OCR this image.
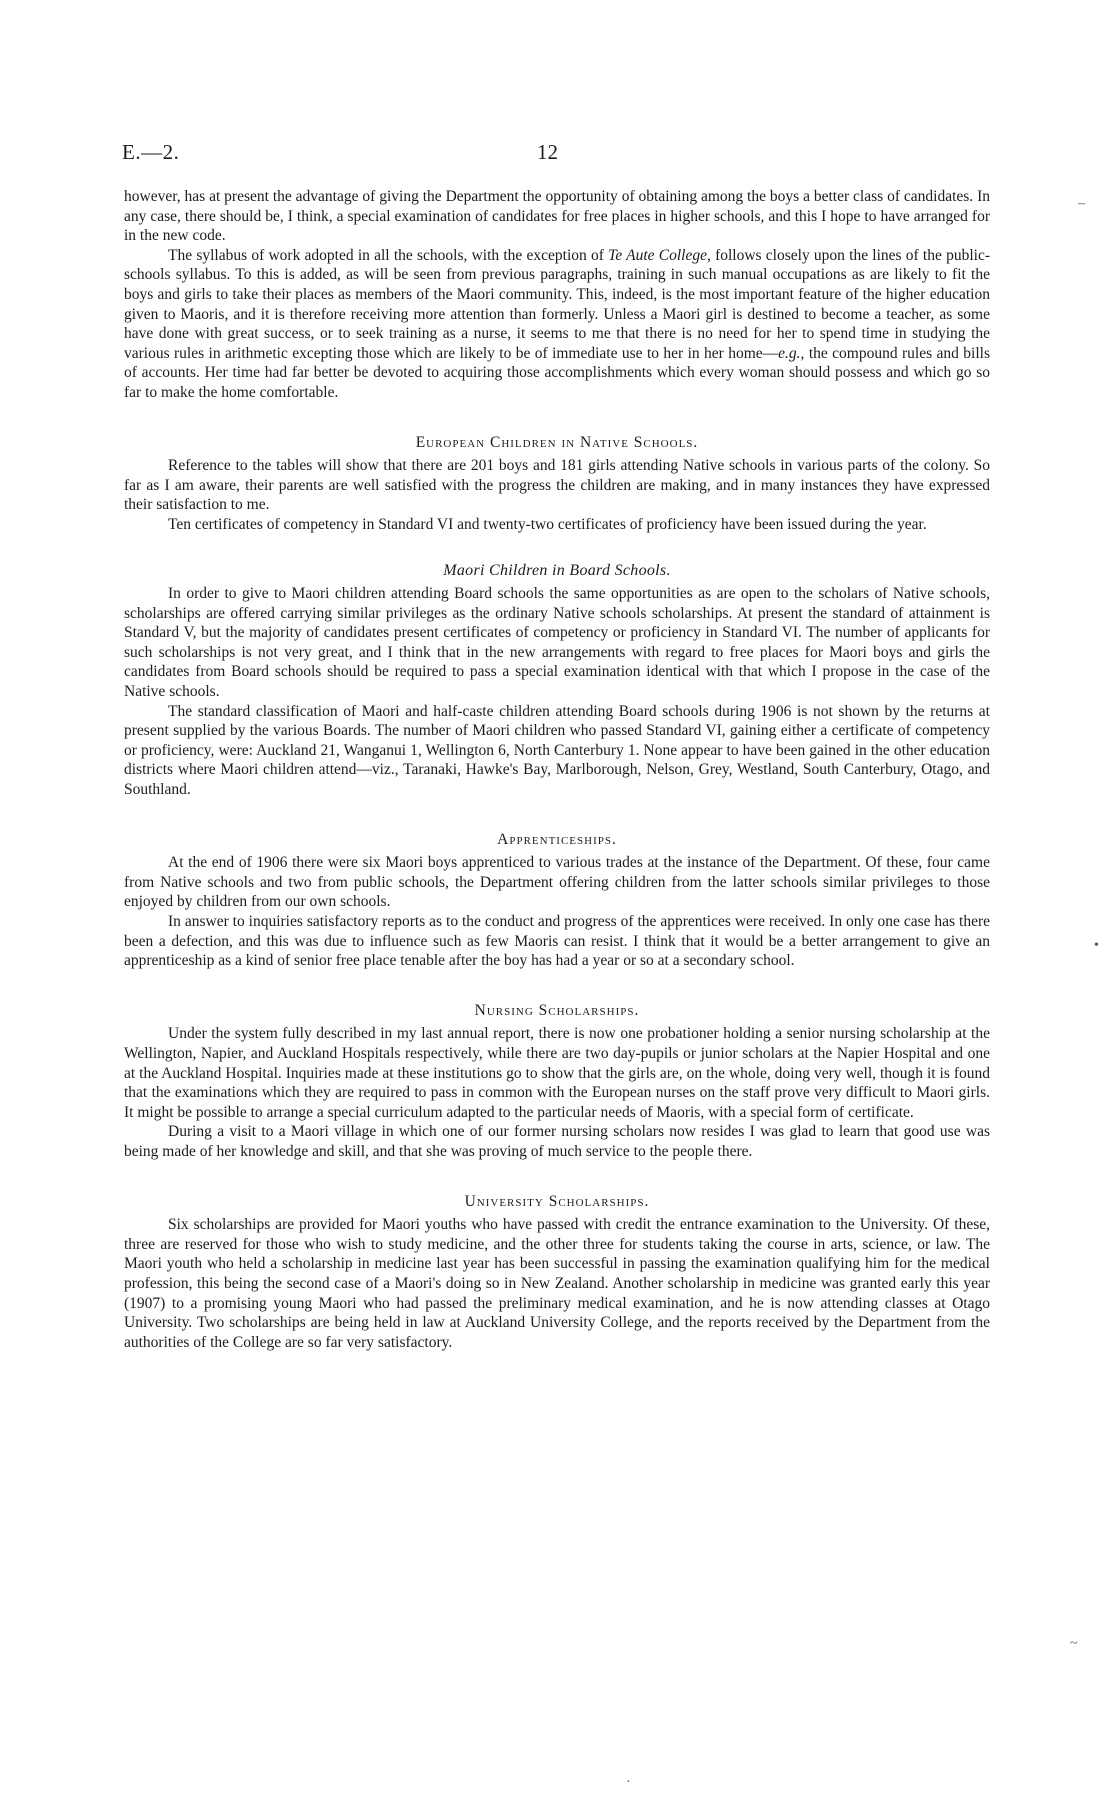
E.—2.	12

however, has at present the advantage of giving the Department the opportunity of obtaining among the boys a better class of candidates. In any case, there should be, I think, a special examination of candidates for free places in higher schools, and this I hope to have arranged for in the new code.

The syllabus of work adopted in all the schools, with the exception of Te Aute College, follows closely upon the lines of the public-schools syllabus. To this is added, as will be seen from previous paragraphs, training in such manual occupations as are likely to fit the boys and girls to take their places as members of the Maori community. This, indeed, is the most important feature of the higher education given to Maoris, and it is therefore receiving more attention than formerly. Unless a Maori girl is destined to become a teacher, as some have done with great success, or to seek training as a nurse, it seems to me that there is no need for her to spend time in studying the various rules in arithmetic excepting those which are likely to be of immediate use to her in her home—e.g., the compound rules and bills of accounts. Her time had far better be devoted to acquiring those accomplishments which every woman should possess and which go so far to make the home comfortable.

European Children in Native Schools.

Reference to the tables will show that there are 201 boys and 181 girls attending Native schools in various parts of the colony. So far as I am aware, their parents are well satisfied with the progress the children are making, and in many instances they have expressed their satisfaction to me.

Ten certificates of competency in Standard VI and twenty-two certificates of proficiency have been issued during the year.

Maori Children in Board Schools.

In order to give to Maori children attending Board schools the same opportunities as are open to the scholars of Native schools, scholarships are offered carrying similar privileges as the ordinary Native schools scholarships. At present the standard of attainment is Standard V, but the majority of candidates present certificates of competency or proficiency in Standard VI. The number of applicants for such scholarships is not very great, and I think that in the new arrangements with regard to free places for Maori boys and girls the candidates from Board schools should be required to pass a special examination identical with that which I propose in the case of the Native schools.

The standard classification of Maori and half-caste children attending Board schools during 1906 is not shown by the returns at present supplied by the various Boards. The number of Maori children who passed Standard VI, gaining either a certificate of competency or proficiency, were: Auckland 21, Wanganui 1, Wellington 6, North Canterbury 1. None appear to have been gained in the other education districts where Maori children attend—viz., Taranaki, Hawke's Bay, Marlborough, Nelson, Grey, Westland, South Canterbury, Otago, and Southland.

Apprenticeships.

At the end of 1906 there were six Maori boys apprenticed to various trades at the instance of the Department. Of these, four came from Native schools and two from public schools, the Department offering children from the latter schools similar privileges to those enjoyed by children from our own schools.

In answer to inquiries satisfactory reports as to the conduct and progress of the apprentices were received. In only one case has there been a defection, and this was due to influence such as few Maoris can resist. I think that it would be a better arrangement to give an apprenticeship as a kind of senior free place tenable after the boy has had a year or so at a secondary school.

Nursing Scholarships.

Under the system fully described in my last annual report, there is now one probationer holding a senior nursing scholarship at the Wellington, Napier, and Auckland Hospitals respectively, while there are two day-pupils or junior scholars at the Napier Hospital and one at the Auckland Hospital. Inquiries made at these institutions go to show that the girls are, on the whole, doing very well, though it is found that the examinations which they are required to pass in common with the European nurses on the staff prove very difficult to Maori girls. It might be possible to arrange a special curriculum adapted to the particular needs of Maoris, with a special form of certificate.

During a visit to a Maori village in which one of our former nursing scholars now resides I was glad to learn that good use was being made of her knowledge and skill, and that she was proving of much service to the people there.

University Scholarships.

Six scholarships are provided for Maori youths who have passed with credit the entrance examination to the University. Of these, three are reserved for those who wish to study medicine, and the other three for students taking the course in arts, science, or law. The Maori youth who held a scholarship in medicine last year has been successful in passing the examination qualifying him for the medical profession, this being the second case of a Maori's doing so in New Zealand. Another scholarship in medicine was granted early this year (1907) to a promising young Maori who had passed the preliminary medical examination, and he is now attending classes at Otago University. Two scholarships are being held in law at Auckland University College, and the reports received by the Department from the authorities of the College are so far very satisfactory.

–
•
~
·
